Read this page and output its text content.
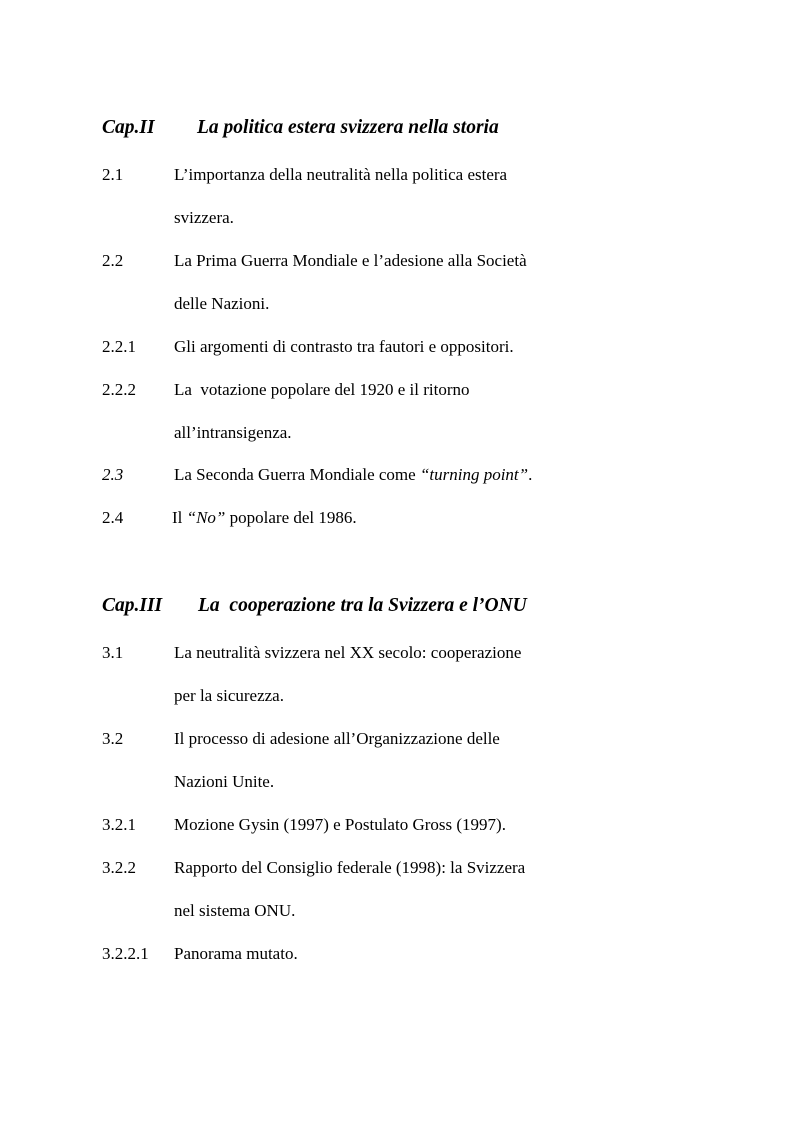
Cap.II La politica estera svizzera nella storia
2.1	L’importanza della neutralità nella politica estera
svizzera.
2.2	La Prima Guerra Mondiale e l’adesione alla Società
delle Nazioni.
2.2.1 Gli argomenti di contrasto tra fautori e oppositori.
2.2.2 La  votazione popolare del 1920 e il ritorno
all’intransigenza.
2.3	La Seconda Guerra Mondiale come “turning point”.
2.4	Il “No” popolare del 1986.
Cap.III La  cooperazione tra la Svizzera e l’ONU
3.1	La neutralità svizzera nel XX secolo: cooperazione
per la sicurezza.
3.2	Il processo di adesione all’Organizzazione delle
Nazioni Unite.
3.2.1 Mozione Gysin (1997) e Postulato Gross (1997).
3.2.2 Rapporto del Consiglio federale (1998): la Svizzera
nel sistema ONU.
3.2.2.1 Panorama mutato.
